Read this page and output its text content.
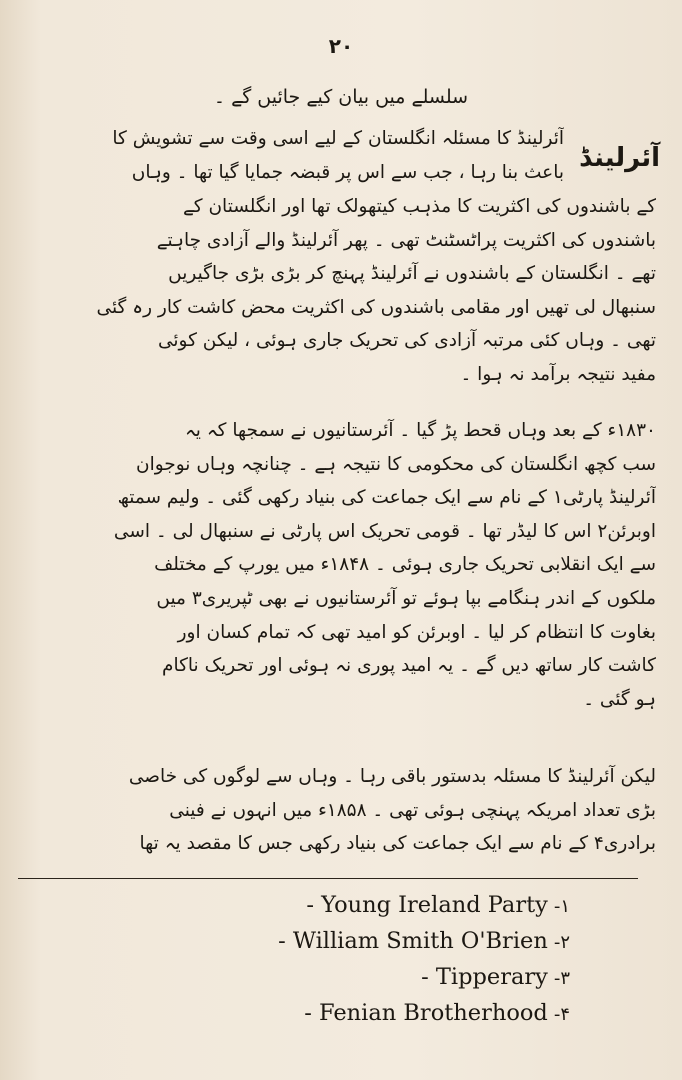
۲۰
سلسلے میں بیان کیے جائیں گے ۔
آئرلینڈ
آئرلینڈ کا مسئلہ انگلستان کے لیے اسی وقت سے تشویش کا
باعث بنا رہا ، جب سے اس پر قبضہ جمایا گیا تھا ۔ وہاں
کے باشندوں کی اکثریت کا مذہب کیتھولک تھا اور انگلستان کے
باشندوں کی اکثریت پراٹسٹنٹ تھی ۔ پھر آئرلینڈ والے آزادی چاہتے
تھے ۔ انگلستان کے باشندوں نے آئرلینڈ پہنچ کر بڑی بڑی جاگیریں
سنبھال لی تھیں اور مقامی باشندوں کی اکثریت محض کاشت کار رہ گئی
تھی ۔ وہاں کئی مرتبہ آزادی کی تحریک جاری ہوئی ، لیکن کوئی
مفید نتیجہ برآمد نہ ہوا ۔
۱۸۳۰ء کے بعد وہاں قحط پڑ گیا ۔ آئرستانیوں نے سمجھا کہ یہ
سب کچھ انگلستان کی محکومی کا نتیجہ ہے ۔ چنانچہ وہاں نوجوان
آئرلینڈ پارٹی۱ کے نام سے ایک جماعت کی بنیاد رکھی گئی ۔ ولیم سمتھ
اوبرئن۲ اس کا لیڈر تھا ۔ قومی تحریک اس پارٹی نے سنبھال لی ۔ اسی
سے ایک انقلابی تحریک جاری ہوئی ۔ ۱۸۴۸ء میں یورپ کے مختلف
ملکوں کے اندر ہنگامے بپا ہوئے تو آئرستانیوں نے بھی ٹپریری۳ میں
بغاوت کا انتظام کر لیا ۔ اوبرئن کو امید تھی کہ تمام کسان اور
کاشت کار ساتھ دیں گے ۔ یہ امید پوری نہ ہوئی اور تحریک ناکام
ہو گئی ۔
لیکن آئرلینڈ کا مسئلہ بدستور باقی رہا ۔ وہاں سے لوگوں کی خاصی
بڑی تعداد امریکہ پہنچی ہوئی تھی ۔ ۱۸۵۸ء میں انہوں نے فینی
برادری۴ کے نام سے ایک جماعت کی بنیاد رکھی جس کا مقصد یہ تھا
- Young Ireland Party -۱
- William Smith O'Brien -۲
- Tipperary -۳
- Fenian Brotherhood -۴
